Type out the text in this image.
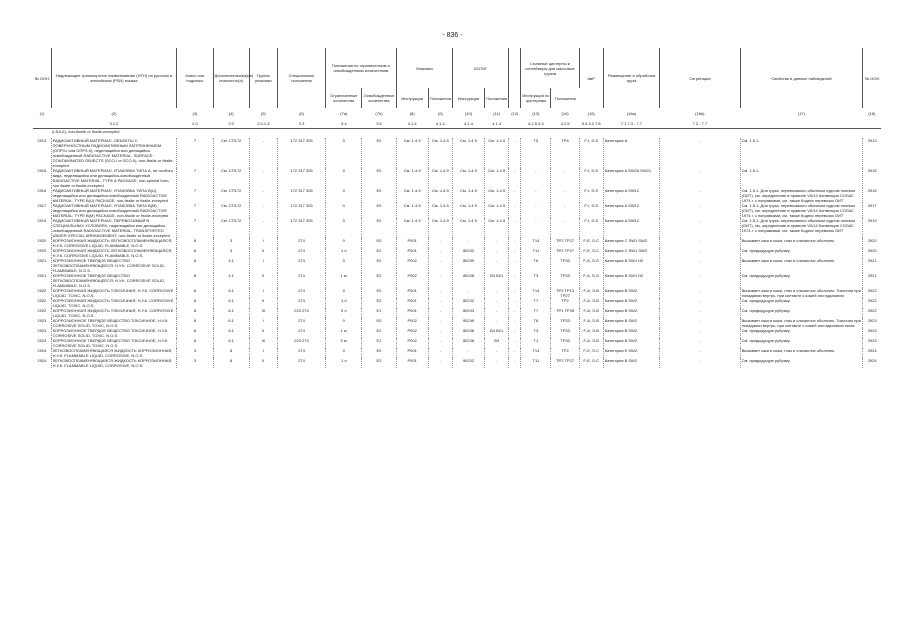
- 836 -
№ ООН	Надлежащее транспортное наименование (НТН) на русском и английском (PSN) языках	Класс или подкласс	Дополнительная(ые) опасность(и)	Группа упаковки	Специальные положения	Положения по ограниченным и освобожденным количествам		Упаковка		КСГМГ			Съемные цистерны и контейнеры для массовых грузов		АвР	Размещение и обработка груза	Сегрегация	Свойства и данные наблюдений	№ ООН
						Ограниченные количества	Освобожденные количества	Инструкции	Положения	Инструкции	Положения		Инструкция по цистернам	Положения					
(1)	(2)	(3)	(4)	(5)	(6)	(7a)	(7b)	(8)	(9)	(10)	(11)	(12)	(13)	(14)	(15)	(16a)	(16b)	(17)	(18)
	3.1.2	2.0	2.0	2.0.1.3	3.3	3.4	3.5	4.1.4	4.1.4	4.1.4	4.1.4		4.2.5 4.3	4.2.5	5.4.3.2 7.8	7.1 7.3 - 7.7	7.2 - 7.7		
	(LSA-II), non-fissile or fissile-excepted																		
2913	РАДИОАКТИВНЫЙ МАТЕРИАЛ, ОБЪЕКТЫ С ПОВЕРХНОСТНЫМ РАДИОАКТИВНЫМ ЗАГРЯЗНЕНИЕМ (ОПРЗ-I или ОПРЗ-II), неделящийся или делящийся-освобожденный RADIOACTIVE MATERIAL, SURFACE CONTAMINATED OBJECTS (SCO-I or SCO-II), non-fissile or fissile-excepted	7	См. СП172	-	172 317 325	0	E0	См. 1.4.9	См. 1.4.9	См. 1.4.9	См. 1.4.9	-	T5	TP4	F-I, S-S	Категория A	-	См. 1.5.1.	2913
2915	РАДИОАКТИВНЫЙ МАТЕРИАЛ, УПАКОВКА ТИПА A, не особого вида, неделящийся или делящийся-освобожденный RADIOACTIVE MATERIAL, TYPE A PACKAGE, non-special form, non fissile or fissile-excepted	7	См. СП172	-	172 317 325	0	E0	См. 1.4.9	См. 1.4.9	См. 1.4.9	См. 1.4.9	-	-	-	F-I, S-S	Категория A SW20 SW21	-	См. 1.5.1.	2915
2916	РАДИОАКТИВНЫЙ МАТЕРИАЛ, УПАКОВКА ТИПА B(U), неделящийся или делящийся-освобожденный RADIOACTIVE MATERIAL, TYPE B(U) PACKAGE, non-fissile or fissile-excepted	7	См. СП172	-	172 317 325	0	E0	См. 1.4.9	См. 1.4.9	См. 1.4.9	См. 1.4.9	-	-	-	F-I, S-S	Категория A SW12	-	См. 1.5.1. Для груза, перевозимого обычным судном полным (ОИТ), см. определение в правиле VII/14 Конвенции СОЛАС 1974 г. с поправками, см. также Кодекс перевозок ОИТ	2916
2917	РАДИОАКТИВНЫЙ МАТЕРИАЛ, УПАКОВКА ТИПА B(M), неделящийся или делящийся-освобожденный RADIOACTIVE MATERIAL, TYPE B(M) PACKAGE, non-fissile or fissile-excepted	7	См. СП172	-	172 317 325	0	E0	См. 1.4.9	См. 1.4.9	См. 1.4.9	См. 1.4.9	-	-	-	F-I, S-S	Категория A SW12	-	См. 1.5.1. Для груза, перевозимого обычным судном полным (ОИТ), см. определение в правиле VII/14 Конвенции СОЛАС 1974 г. с поправками, см. также Кодекс перевозок ОИТ	2917
2919	РАДИОАКТИВНЫЙ МАТЕРИАЛ, ПЕРЕВОЗИМЫЙ В СПЕЦИАЛЬНЫХ УСЛОВИЯХ, неделящийся или делящийся-освобожденный RADIOACTIVE MATERIAL, TRANSPORTED UNDER SPECIAL ARRANGEMENT, non-fissile or fissile-excepted	7	См. СП172	-	172 317 325	0	E0	См. 1.4.9	См. 1.4.9	См. 1.4.9	См. 1.4.9	-	-	-	F-I, S-S	Категория A SW12	-	См. 1.5.1. Для груза, перевозимого обычным судном полным (ОИТ), см. определение в правиле VII/14 Конвенции СОЛАС 1974 г. с поправками, см. также Кодекс перевозок ОИТ	2919
2920	КОРРОЗИОННАЯ ЖИДКОСТЬ ЛЕГКОВОСПЛАМЕНЯЮЩАЯСЯ, Н.У.К. CORROSIVE LIQUID, FLAMMABLE, N.O.S.	8	3	I	274	0	E0	P001	-	-	-	-	T14	TP2 TP27	F-E, S-C	Категория C SW1 SW2	-	Вызывает ожоги кожи, глаз и слизистых оболочек.	2920
2920	КОРРОЗИОННАЯ ЖИДКОСТЬ ЛЕГКОВОСПЛАМЕНЯЮЩАЯСЯ, Н.У.К. CORROSIVE LIQUID, FLAMMABLE, N.O.S.	8	3	II	274	1 л	E2	P001	-	IBC02	-	-	T11	TP2 TP27	F-E, S-C	Категория C SW1 SW2	-	См. предыдущую рубрику.	2920
2921	КОРРОЗИОННОЕ ТВЕРДОЕ ВЕЩЕСТВО ЛЕГКОВОСПЛАМЕНЯЮЩЕЕСЯ, Н.У.К. CORROSIVE SOLID, FLAMMABLE, N.O.S.	8	4.1	I	274	0	E0	P002	-	IBC99	-	-	T6	TP33	F-A, S-G	Категория B SW1 H2	-	Вызывает ожоги кожи, глаз и слизистых оболочек.	2921
2921	КОРРОЗИОННОЕ ТВЕРДОЕ ВЕЩЕСТВО ЛЕГКОВОСПЛАМЕНЯЮЩЕЕСЯ, Н.У.К. CORROSIVE SOLID, FLAMMABLE, N.O.S.	8	4.1	II	274	1 кг	E2	P002	-	IBC08	B4 B21	-	T3	TP33	F-A, S-G	Категория B SW1 H2	-	См. предыдущую рубрику.	2921
2922	КОРРОЗИОННАЯ ЖИДКОСТЬ ТОКСИЧНАЯ, Н.У.К. CORROSIVE LIQUID, TOXIC, N.O.S.	8	6.1	I	274	0	E0	P001	-	-	-	-	T14	TP2 TP13 TP27	F-A, S-B	Категория B SW2	-	Вызывает ожоги кожи, глаз и слизистых оболочек. Токсична при попадании внутрь, при контакте с кожей или вдыхании.	2922
2922	КОРРОЗИОННАЯ ЖИДКОСТЬ ТОКСИЧНАЯ, Н.У.К. CORROSIVE LIQUID, TOXIC, N.O.S.	8	6.1	II	274	1 л	E2	P001	-	IBC02	-	-	T7	TP2	F-A, S-B	Категория B SW2	-	См. предыдущую рубрику.	2922
2922	КОРРОЗИОННАЯ ЖИДКОСТЬ ТОКСИЧНАЯ, Н.У.К. CORROSIVE LIQUID, TOXIC, N.O.S.	8	6.1	III	223 274	5 л	E1	P001	-	IBC03	-	-	T7	TP1 TP28	F-A, S-B	Категория B SW2	-	См. предыдущую рубрику.	2922
2923	КОРРОЗИОННОЕ ТВЕРДОЕ ВЕЩЕСТВО ТОКСИЧНОЕ, Н.У.К. CORROSIVE SOLID, TOXIC, N.O.S.	8	6.1	I	274	0	E0	P002	-	IBC99	-	-	T6	TP33	F-A, S-B	Категория B SW2	-	Вызывает ожоги кожи, глаз и слизистых оболочек. Токсично при попадании внутрь, при контакте с кожей или вдыхании пыли.	2923
2923	КОРРОЗИОННОЕ ТВЕРДОЕ ВЕЩЕСТВО ТОКСИЧНОЕ, Н.У.К. CORROSIVE SOLID, TOXIC, N.O.S.	8	6.1	II	274	1 кг	E2	P002	-	IBC08	B4 B21	-	T3	TP33	F-A, S-B	Категория B SW2	-	См. предыдущую рубрику.	2923
2923	КОРРОЗИОННОЕ ТВЕРДОЕ ВЕЩЕСТВО ТОКСИЧНОЕ, Н.У.К. CORROSIVE SOLID, TOXIC, N.O.S.	8	6.1	III	223 274	5 кг	E1	P002	-	IBC08	B3	-	T1	TP33	F-A, S-B	Категория B SW2	-	См. предыдущую рубрику.	2923
2924	ЛЕГКОВОСПЛАМЕНЯЮЩАЯСЯ ЖИДКОСТЬ КОРРОЗИОННАЯ, Н.У.К. FLAMMABLE LIQUID, CORROSIVE, N.O.S.	3	8	I	274	0	E0	P001	-	-	-	-	T14	TP2	F-E, S-C	Категория E SW2	-	Вызывает ожоги кожи, глаз и слизистых оболочек.	2924
2924	ЛЕГКОВОСПЛАМЕНЯЮЩАЯСЯ ЖИДКОСТЬ КОРРОЗИОННАЯ, Н.У.К. FLAMMABLE LIQUID, CORROSIVE, N.O.S.	3	8	II	274	1 л	E2	P001	-	IBC02	-	-	T11	TP2 TP27	F-E, S-C	Категория B SW2	-	См. предыдущую рубрику.	2924
